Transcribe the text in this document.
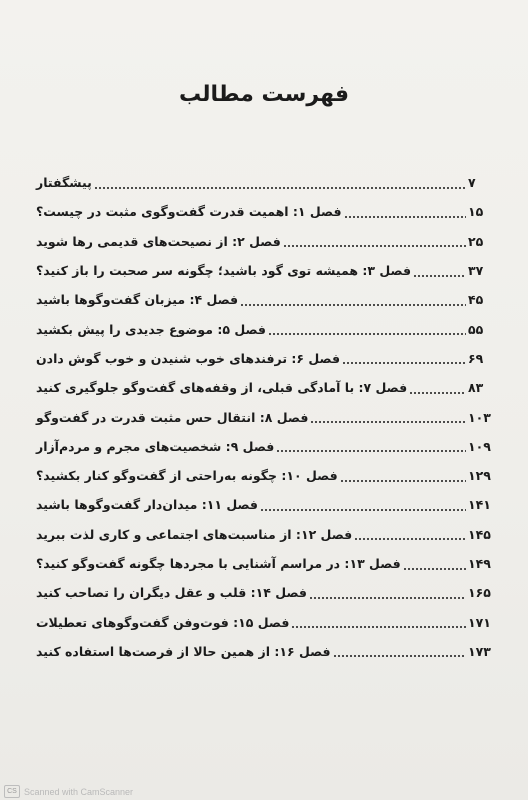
فهرست مطالب
پیشگفتار	۷
فصل ۱: اهمیت قدرت گفت‌وگوی مثبت در چیست؟	۱۵
فصل ۲: از نصیحت‌های قدیمی رها شوید	۲۵
فصل ۳: همیشه توی گود باشید؛ چگونه سر صحبت را باز کنید؟	۳۷
فصل ۴: میزبان گفت‌وگوها باشید	۴۵
فصل ۵: موضوع جدیدی را پیش بکشید	۵۵
فصل ۶: ترفندهای خوب شنیدن و خوب گوش دادن	۶۹
فصل ۷: با آمادگی قبلی، از وقفه‌های گفت‌وگو جلوگیری کنید	۸۳
فصل ۸: انتقال حس مثبت قدرت در گفت‌وگو	۱۰۳
فصل ۹: شخصیت‌های مجرم و مردم‌آزار	۱۰۹
فصل ۱۰: چگونه به‌راحتی از گفت‌وگو کنار بکشید؟	۱۲۹
فصل ۱۱: میدان‌دار گفت‌وگوها باشید	۱۴۱
فصل ۱۲: از مناسبت‌های اجتماعی و کاری لذت ببرید	۱۴۵
فصل ۱۳: در مراسم آشنایی با مجردها چگونه گفت‌وگو کنید؟	۱۴۹
فصل ۱۴: قلب و عقل دیگران را تصاحب کنید	۱۶۵
فصل ۱۵: فوت‌وفن گفت‌وگوهای تعطیلات	۱۷۱
فصل ۱۶: از همین حالا از فرصت‌ها استفاده کنید	۱۷۳
CS Scanned with CamScanner
